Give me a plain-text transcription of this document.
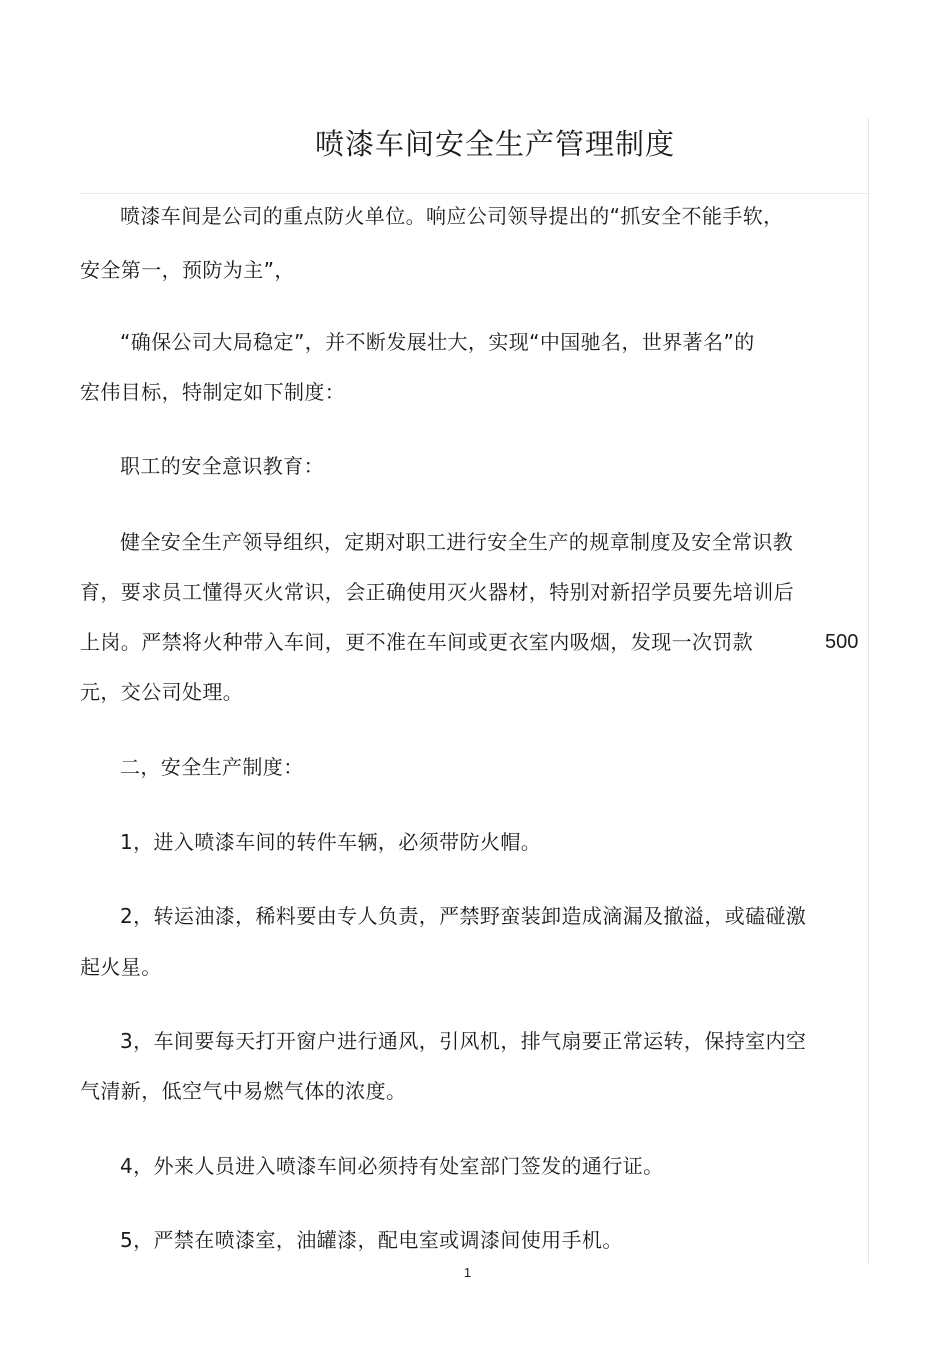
喷漆车间安全生产管理制度
喷漆车间是公司的重点防火单位。响应公司领导提出的“抓安全不能手软，
安全第一，预防为主”，
“确保公司大局稳定”，并不断发展壮大，实现“中国驰名，世界著名”的
宏伟目标，特制定如下制度：
职工的安全意识教育：
健全安全生产领导组织，定期对职工进行安全生产的规章制度及安全常识教
育，要求员工懂得灭火常识，会正确使用灭火器材，特别对新招学员要先培训后
上岗。严禁将火种带入车间，更不准在车间或更衣室内吸烟，发现一次罚款	500
元，交公司处理。
二，安全生产制度：
1，进入喷漆车间的转件车辆，必须带防火帽。
2，转运油漆，稀料要由专人负责，严禁野蛮装卸造成滴漏及撤溢，或磕碰激
起火星。
3，车间要每天打开窗户进行通风，引风机，排气扇要正常运转，保持室内空
气清新，低空气中易燃气体的浓度。
4，外来人员进入喷漆车间必须持有处室部门签发的通行证。
5，严禁在喷漆室，油罐漆，配电室或调漆间使用手机。
1
